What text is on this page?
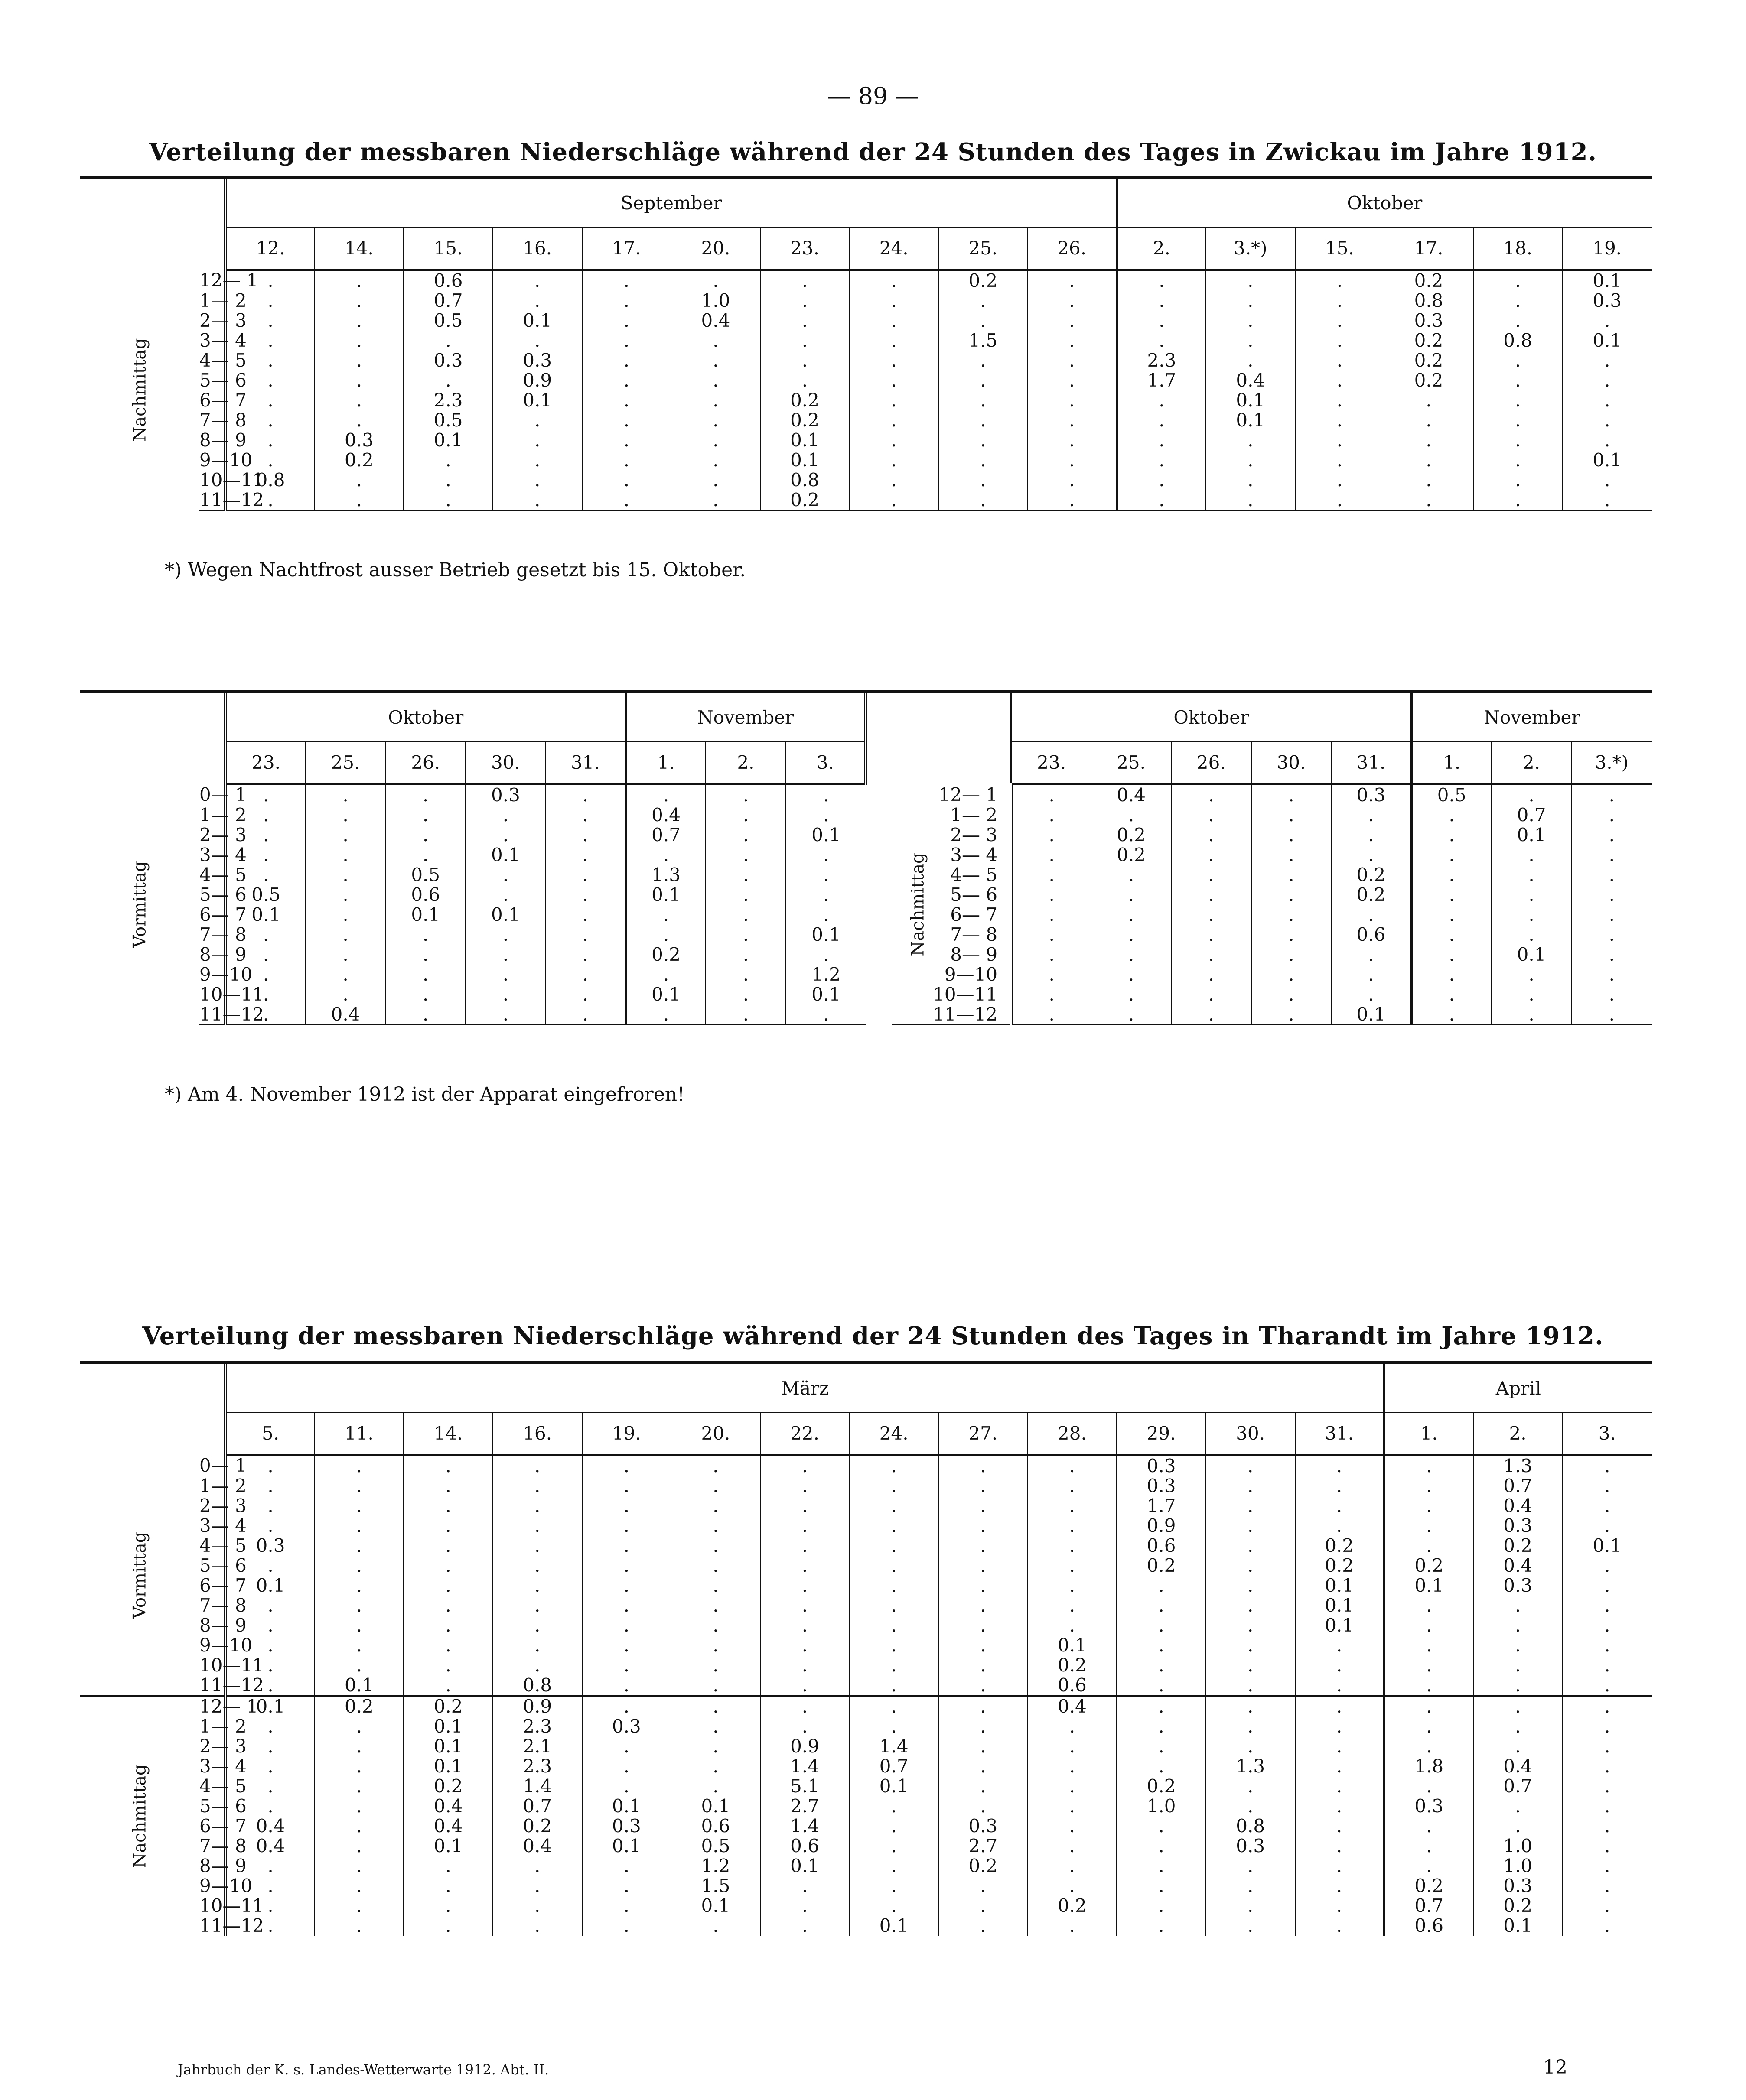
— 89 —
Verteilung der messbaren Niederschläge während der 24 Stunden des Tages in Zwickau im Jahre 1912.
		September										Oktober					
		12.	14.	15.	16.	17.	20.	23.	24.	25.	26.	2.	3.*)	15.	17.	18.	19.
Nachmittag	12— 1	.	.	0.6	.	.	.	.	.	0.2	.	.	.	.	0.2	.	0.1
	1— 2	.	.	0.7	.	.	1.0	.	.	.	.	.	.	.	0.8	.	0.3
	2— 3	.	.	0.5	0.1	.	0.4	.	.	.	.	.	.	.	0.3	.	.
	3— 4	.	.	.	.	.	.	.	.	1.5	.	.	.	.	0.2	0.8	0.1
	4— 5	.	.	0.3	0.3	.	.	.	.	.	.	2.3	.	.	0.2	.	.
	5— 6	.	.	.	0.9	.	.	.	.	.	.	1.7	0.4	.	0.2	.	.
	6— 7	.	.	2.3	0.1	.	.	0.2	.	.	.	.	0.1	.	.	.	.
	7— 8	.	.	0.5	.	.	.	0.2	.	.	.	.	0.1	.	.	.	.
	8— 9	.	0.3	0.1	.	.	.	0.1	.	.	.	.	.	.	.	.	.
	9—10	.	0.2	.	.	.	.	0.1	.	.	.	.	.	.	.	.	0.1
	10—11	0.8	.	.	.	.	.	0.8	.	.	.	.	.	.	.	.	.
	11—12	.	.	.	.	.	.	0.2	.	.	.	.	.	.	.	.	.
*) Wegen Nachtfrost ausser Betrieb gesetzt bis 15. Oktober.
		Oktober					November					Oktober					November		
		23.	25.	26.	30.	31.	1.	2.	3.			23.	25.	26.	30.	31.	1.	2.	3.*)
Vormittag	0— 1	.	.	.	0.3	.	.	.	.	Nachmittag	12— 1	.	0.4	.	.	0.3	0.5	.	.
	1— 2	.	.	.	.	.	0.4	.	.		1— 2	.	.	.	.	.	.	0.7	.
	2— 3	.	.	.	.	.	0.7	.	0.1		2— 3	.	0.2	.	.	.	.	0.1	.
	3— 4	.	.	.	0.1	.	.	.	.		3— 4	.	0.2	.	.	.	.	.	.
	4— 5	.	.	0.5	.	.	1.3	.	.		4— 5	.	.	.	.	0.2	.	.	.
	5— 6	0.5	.	0.6	.	.	0.1	.	.		5— 6	.	.	.	.	0.2	.	.	.
	6— 7	0.1	.	0.1	0.1	.	.	.	.		6— 7	.	.	.	.	.	.	.	.
	7— 8	.	.	.	.	.	.	.	0.1		7— 8	.	.	.	.	0.6	.	.	.
	8— 9	.	.	.	.	.	0.2	.	.		8— 9	.	.	.	.	.	.	0.1	.
	9—10	.	.	.	.	.	.	.	1.2		9—10	.	.	.	.	.	.	.	.
	10—11	.	.	.	.	.	0.1	.	0.1		10—11	.	.	.	.	.	.	.	.
	11—12	.	0.4	.	.	.	.	.	.		11—12	.	.	.	.	0.1	.	.	.
*) Am 4. November 1912 ist der Apparat eingefroren!
Verteilung der messbaren Niederschläge während der 24 Stunden des Tages in Tharandt im Jahre 1912.
		März													April		
		5.	11.	14.	16.	19.	20.	22.	24.	27.	28.	29.	30.	31.	1.	2.	3.
Vormittag	0— 1	.	.	.	.	.	.	.	.	.	.	0.3	.	.	.	1.3	.
	1— 2	.	.	.	.	.	.	.	.	.	.	0.3	.	.	.	0.7	.
	2— 3	.	.	.	.	.	.	.	.	.	.	1.7	.	.	.	0.4	.
	3— 4	.	.	.	.	.	.	.	.	.	.	0.9	.	.	.	0.3	.
	4— 5	0.3	.	.	.	.	.	.	.	.	.	0.6	.	0.2	.	0.2	0.1
	5— 6	.	.	.	.	.	.	.	.	.	.	0.2	.	0.2	0.2	0.4	.
	6— 7	0.1	.	.	.	.	.	.	.	.	.	.	.	0.1	0.1	0.3	.
	7— 8	.	.	.	.	.	.	.	.	.	.	.	.	0.1	.	.	.
	8— 9	.	.	.	.	.	.	.	.	.	.	.	.	0.1	.	.	.
	9—10	.	.	.	.	.	.	.	.	.	0.1	.	.	.	.	.	.
	10—11	.	.	.	.	.	.	.	.	.	0.2	.	.	.	.	.	.
	11—12	.	0.1	.	0.8	.	.	.	.	.	0.6	.	.	.	.	.	.
Nachmittag	12— 1	0.1	0.2	0.2	0.9	.	.	.	.	.	0.4	.	.	.	.	.	.
	1— 2	.	.	0.1	2.3	0.3	.	.	.	.	.	.	.	.	.	.	.
	2— 3	.	.	0.1	2.1	.	.	0.9	1.4	.	.	.	.	.	.	.	.
	3— 4	.	.	0.1	2.3	.	.	1.4	0.7	.	.	.	1.3	.	1.8	0.4	.
	4— 5	.	.	0.2	1.4	.	.	5.1	0.1	.	.	0.2	.	.	.	0.7	.
	5— 6	.	.	0.4	0.7	0.1	0.1	2.7	.	.	.	1.0	.	.	0.3	.	.
	6— 7	0.4	.	0.4	0.2	0.3	0.6	1.4	.	0.3	.	.	0.8	.	.	.	.
	7— 8	0.4	.	0.1	0.4	0.1	0.5	0.6	.	2.7	.	.	0.3	.	.	1.0	.
	8— 9	.	.	.	.	.	1.2	0.1	.	0.2	.	.	.	.	.	1.0	.
	9—10	.	.	.	.	.	1.5	.	.	.	.	.	.	.	0.2	0.3	.
	10—11	.	.	.	.	.	0.1	.	.	.	0.2	.	.	.	0.7	0.2	.
	11—12	.	.	.	.	.	.	.	0.1	.	.	.	.	.	0.6	0.1	.
Jahrbuch der K. s. Landes-Wetterwarte 1912. Abt. II.	12
